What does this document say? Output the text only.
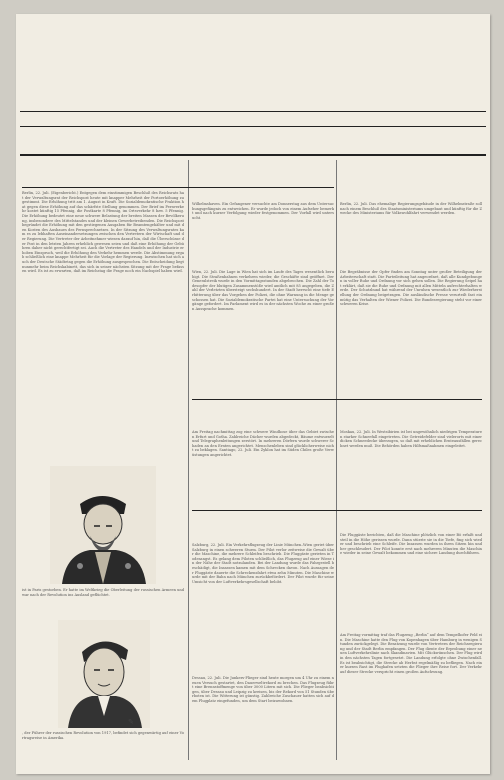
Berlin, 22. Juli. (Eigenbericht.) Entgegen dem einstimmigen Beschluß des Reichsrats hat der Verwaltungsrat der Reichspost heute mit knapper Mehrheit der Portoerhöhung zugestimmt. Die Erhöhung tritt am 1. August in Kraft. Die Sozialdemokratische Fraktion hat gegen diese Erhöhung auf das schärfste Stellung genommen. Der Brief im Fernverkehr kostet künftig 15 Pfennig, die Postkarte 8 Pfennig, im Ortsverkehr 8 bzw. 5 Pfennig. Die Erhöhung bedeutet eine neue schwere Belastung der breiten Massen der Bevölkerung, insbesondere des Mittelstandes und der kleinen Gewerbetreibenden. Die Reichspost begründet die Erhöhung mit den gestiegenen Ausgaben für Beamtengehälter und mit den Kosten des Ausbaues des Fernsprechnetzes. In der Sitzung des Verwaltungsrates kam es zu lebhaften Auseinandersetzungen zwischen den Vertretern der Wirtschaft und der Regierung. Die Vertreter der Arbeitnehmer wiesen darauf hin, daß die Überschüsse der Post in den letzten Jahren erheblich gewesen seien und daß eine Erhöhung der Gebühren daher nicht gerechtfertigt sei. Auch die Vertreter des Handels und der Industrie erhoben Einspruch, weil die Erhöhung den Verkehr hemmen werde. Die Abstimmung ergab schließlich eine knappe Mehrheit für die Vorlage der Regierung. Inzwischen hat sich auch der Deutsche Städtetag gegen die Erhöhung ausgesprochen. Die Entscheidung liegt nunmehr beim Reichskabinett, das sich in seiner nächsten Sitzung mit der Frage befassen wird. Es ist zu erwarten, daß im Reichstag die Frage noch ein Nachspiel haben wird.
ist in Paris gestorben. Er hatte im Weltkrieg die Oberleitung der russischen Armeen und war nach der Revolution ins Ausland geflüchtet.
✎
, der Führer der russischen Revolution von 1917, befindet sich gegenwärtig auf einer Vortragsreise in Amerika.
Wilhelmshaven. Ein Gefangener versuchte am Donnerstag aus dem Untersuchungsgefängnis zu entweichen. Er wurde jedoch von einem Aufseher bemerkt und nach kurzer Verfolgung wieder festgenommen. Der Vorfall wird untersucht.
Wien, 22. Juli. Die Lage in Wien hat sich im Laufe des Tages wesentlich beruhigt. Die Straßenbahnen verkehren wieder, die Geschäfte sind geöffnet. Der Generalstreik wurde in den Vormittagsstunden abgebrochen. Die Zahl der Todesopfer der blutigen Zusammenstöße wird amtlich mit 85 angegeben, die Zahl der Verletzten übersteigt sechshundert. In der Stadt herrscht eine tiefe Erbitterung über das Vorgehen der Polizei, die ohne Warnung in die Menge geschossen hat. Die Sozialdemokratische Partei hat eine Untersuchung der Vorgänge gefordert. Im Parlament wird es in der nächsten Woche zu einer großen Aussprache kommen.
Die Begräbnisse der Opfer finden am Sonntag unter großer Beteiligung der Arbeiterschaft statt. Die Parteileitung hat angeordnet, daß alle Kundgebungen in voller Ruhe und Ordnung vor sich gehen sollen. Die Regierung Seipel hat erklärt, daß sie die Ruhe und Ordnung mit allen Mitteln aufrechterhalten werde. Der Schutzbund hat während der Unruhen wesentlich zur Wiederherstellung der Ordnung beigetragen. Die ausländische Presse verurteilt fast einmütig das Verhalten der Wiener Polizei. Die Bundesregierung steht vor einer schweren Krise.
Am Freitag nachmittag zog eine schwere Windhose über das Gebiet zwischen Erfurt und Gotha. Zahlreiche Dächer wurden abgedeckt, Bäume entwurzelt und Telegraphenleitungen zerstört. In mehreren Dörfern wurde schwerer Schaden an den Ernten angerichtet. Menschenleben sind glücklicherweise nicht zu beklagen. Santiago, 22. Juli. Ein Zyklon hat im Süden Chiles große Verwüstungen angerichtet.
Moskau, 22. Juli. In Westsibirien ist bei ungewöhnlich niedrigen Temperaturen starker Schneefall eingetreten. Die Getreidefelder sind vielerorts mit einer dicken Schneedecke überzogen, so daß mit erheblichen Ernteausfällen gerechnet werden muß. Die Behörden haben Hilfsmaßnahmen eingeleitet.
Salzburg, 22. Juli. Ein Verkehrsflugzeug der Linie München–Wien geriet über Salzburg in einen schweren Sturm. Der Pilot verlor zeitweise die Gewalt über die Maschine, die mehrere Schleifen beschrieb. Die Fluggäste gerieten in Todesangst. Es gelang dem Piloten schließlich, das Flugzeug auf einer Wiese in der Nähe der Stadt notzulanden. Bei der Landung wurde das Fahrgestell beschädigt, die Insassen kamen mit dem Schrecken davon. Nach Aussagen der Fluggäste dauerte die Schreckensfahrt etwa zehn Minuten. Die Maschine wurde mit der Bahn nach München zurückbefördert. Der Pilot wurde für seine Umsicht von der Luftverkehrsgesellschaft belobt.
Dessau, 22. Juli. Die Junkers-Flieger sind heute morgen um 4 Uhr zu einem neuen Versuch gestartet, den Dauerweltrekord zu brechen. Das Flugzeug führt eine Brennstoffmenge von über 3000 Litern mit sich. Die Flieger beabsichtigen, über Dessau und Leipzig zu kreisen, bis der Rekord von 51 Stunden überboten ist. Die Witterung ist günstig. Zahlreiche Zuschauer hatten sich auf dem Flugplatz eingefunden, um dem Start beizuwohnen.
Berlin, 22. Juli. Das ehemalige Regierungsgebäude in der Wilhelmstraße soll nach einem Beschluß des Staatsministeriums umgebaut und künftig für die Zwecke des Ministeriums für Volkswohlfahrt verwendet werden.
Die Fluggäste berichten, daß die Maschine plötzlich von einer Bö erfaßt und steil in die Höhe gerissen wurde. Dann stürzte sie in die Tiefe, fing sich wieder und beschrieb eine Schleife. Die Insassen wurden in ihren Sitzen hin und her geschleudert. Der Pilot konnte erst nach mehreren Minuten die Maschine wieder in seine Gewalt bekommen und eine sichere Landung durchführen.
Am Freitag vormittag traf das Flugzeug „Berlin“ auf dem Tempelhofer Feld ein. Die Maschine hatte den Flug von Kopenhagen über Hamburg in wenigen Stunden zurückgelegt. Die Besatzung wurde von Vertretern der Reichsregierung und der Stadt Berlin empfangen. Der Flug diente der Erprobung einer neuen Luftverkehrslinie nach Skandinavien. Mit Glückwünschen. Der Flug wird in den nächsten Tagen fortgesetzt. Die Landung erfolgte ohne Zwischenfall. Es ist beabsichtigt, die Strecke ab Herbst regelmäßig zu befliegen. Nach einer kurzen Rast im Flughafen setzten die Flieger ihre Reise fort. Der Verkehr auf dieser Strecke verspricht einen großen Aufschwung.
